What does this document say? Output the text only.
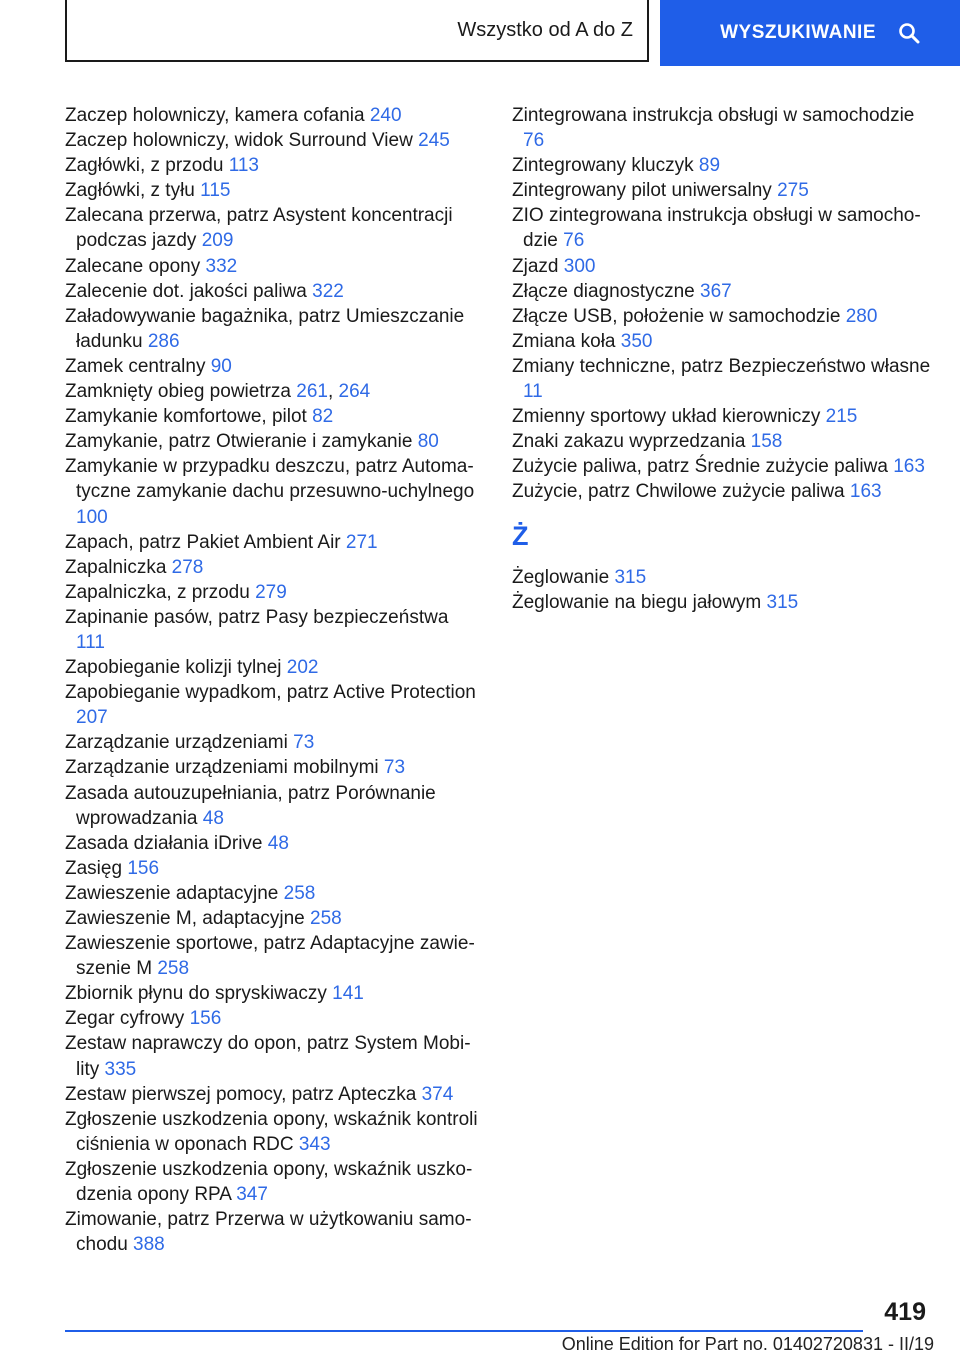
Wszystko od A do Z	WYSZUKIWANIE
Zaczep holowniczy, kamera cofania 240
Zaczep holowniczy, widok Surround View 245
Zagłówki, z przodu 113
Zagłówki, z tyłu 115
Zalecana przerwa, patrz Asystent koncentracji podczas jazdy 209
Zalecane opony 332
Zalecenie dot. jakości paliwa 322
Załadowywanie bagażnika, patrz Umieszczanie ładunku 286
Zamek centralny 90
Zamknięty obieg powietrza 261, 264
Zamykanie komfortowe, pilot 82
Zamykanie, patrz Otwieranie i zamykanie 80
Zamykanie w przypadku deszczu, patrz Automatyczne zamykanie dachu przesuwno-uchylnego 100
Zapach, patrz Pakiet Ambient Air 271
Zapalniczka 278
Zapalniczka, z przodu 279
Zapinanie pasów, patrz Pasy bezpieczeństwa 111
Zapobieganie kolizji tylnej 202
Zapobieganie wypadkom, patrz Active Protection 207
Zarządzanie urządzeniami 73
Zarządzanie urządzeniami mobilnymi 73
Zasada autouzupełniania, patrz Porównanie wprowadzania 48
Zasada działania iDrive 48
Zasięg 156
Zawieszenie adaptacyjne 258
Zawieszenie M, adaptacyjne 258
Zawieszenie sportowe, patrz Adaptacyjne zawieszenie M 258
Zbiornik płynu do spryskiwaczy 141
Zegar cyfrowy 156
Zestaw naprawczy do opon, patrz System Mobility 335
Zestaw pierwszej pomocy, patrz Apteczka 374
Zgłoszenie uszkodzenia opony, wskaźnik kontroli ciśnienia w oponach RDC 343
Zgłoszenie uszkodzenia opony, wskaźnik uszkodzenia opony RPA 347
Zimowanie, patrz Przerwa w użytkowaniu samochodu 388
Zintegrowana instrukcja obsługi w samochodzie 76
Zintegrowany kluczyk 89
Zintegrowany pilot uniwersalny 275
ZIO zintegrowana instrukcja obsługi w samochodzie 76
Zjazd 300
Złącze diagnostyczne 367
Złącze USB, położenie w samochodzie 280
Zmiana koła 350
Zmiany techniczne, patrz Bezpieczeństwo własne 11
Zmienny sportowy układ kierowniczy 215
Znaki zakazu wyprzedzania 158
Zużycie paliwa, patrz Średnie zużycie paliwa 163
Zużycie, patrz Chwilowe zużycie paliwa 163
Ż
Żeglowanie 315
Żeglowanie na biegu jałowym 315
419
Online Edition for Part no. 01402720831 - II/19
